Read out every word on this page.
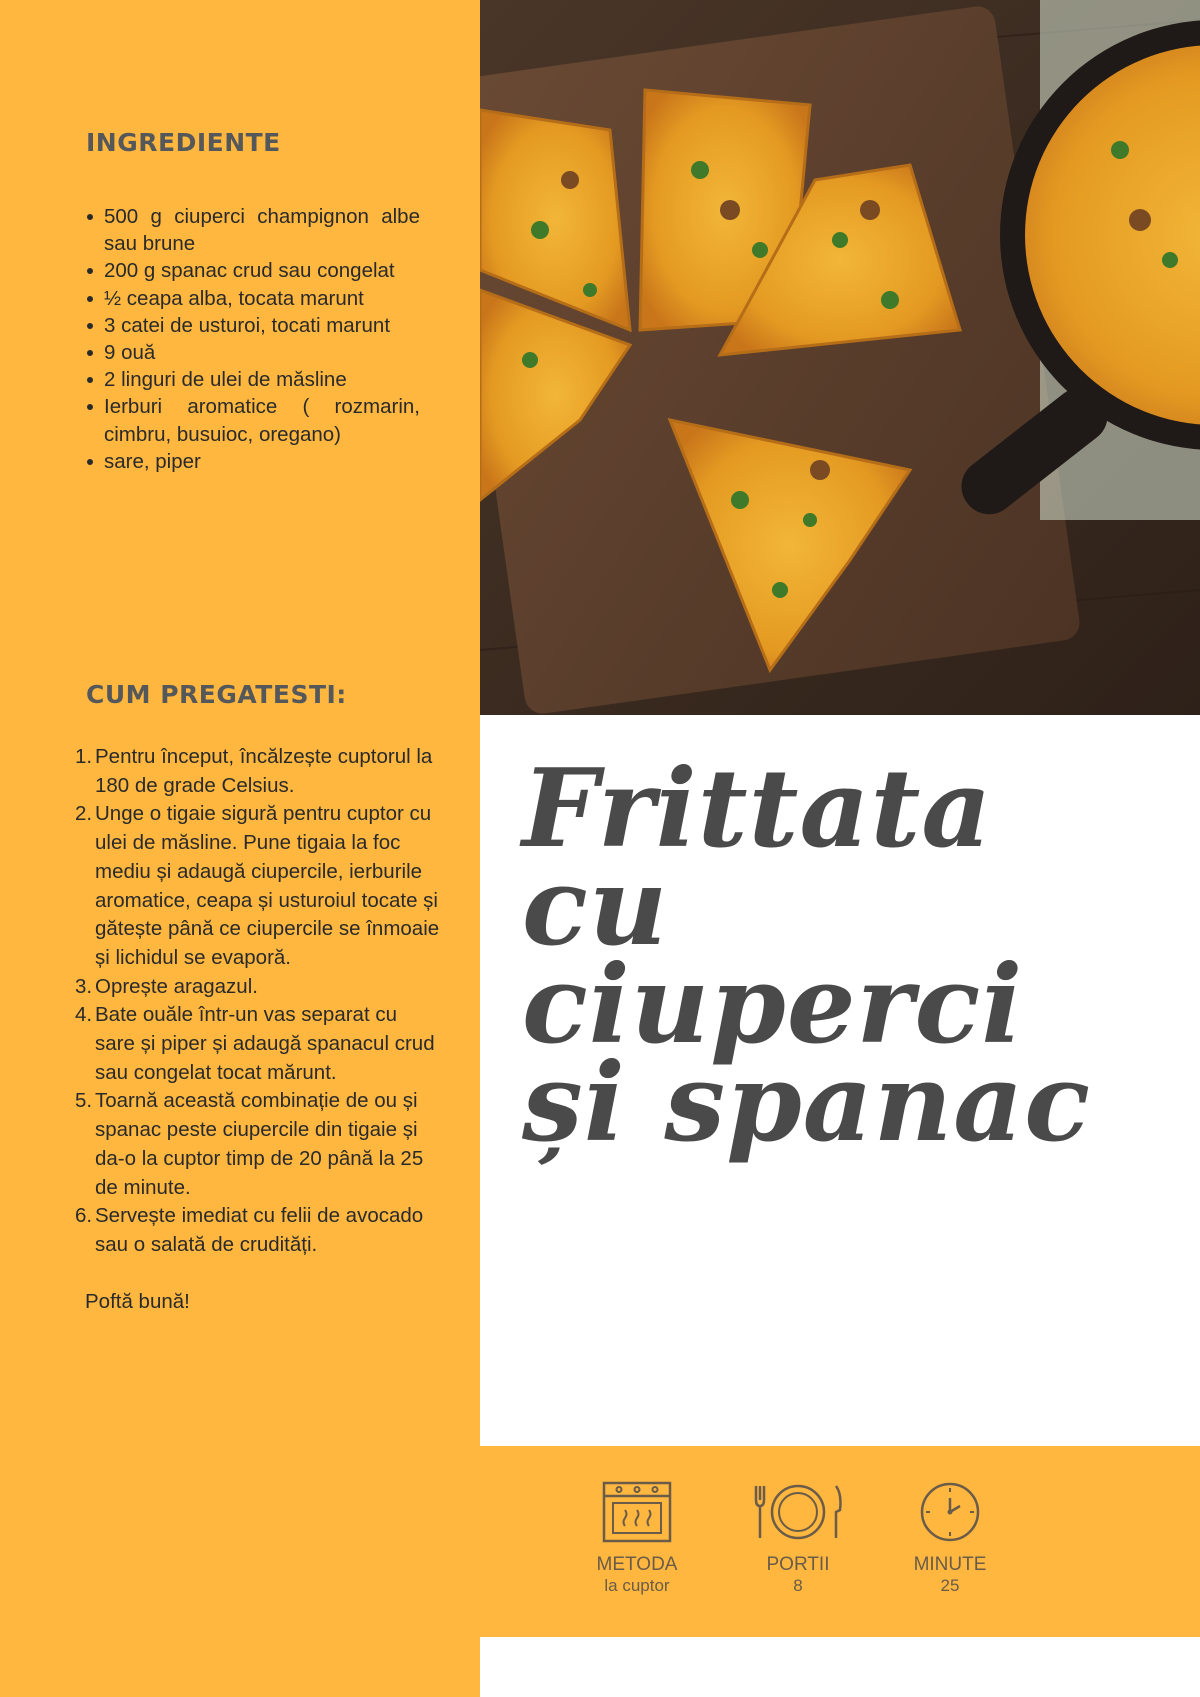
INGREDIENTE
500 g ciuperci champignon albe sau brune
200 g spanac crud sau congelat
½ ceapa alba, tocata marunt
3 catei de usturoi, tocati marunt
9 ouă
2 linguri de ulei de măsline
Ierburi aromatice ( rozmarin, cimbru, busuioc, oregano)
sare, piper
CUM PREGATESTI:
1. Pentru început, încălzește cuptorul la 180 de grade Celsius.
2. Unge o tigaie sigură pentru cuptor cu ulei de măsline. Pune tigaia la foc mediu și adaugă ciupercile, ierburile aromatice, ceapa și usturoiul tocate și gătește până ce ciupercile se înmoaie și lichidul se evaporă.
3. Oprește aragazul.
4. Bate ouăle într-un vas separat cu sare și piper și adaugă spanacul crud sau congelat tocat mărunt.
5. Toarnă această combinație de ou și spanac peste ciupercile din tigaie și da-o la cuptor timp de 20 până la 25 de minute.
6. Servește imediat cu felii de avocado sau o salată de crudități.

Poftă bună!

Frittata
cu
ciuperci
și spanac
METODA
la cuptor
PORTII
8
MINUTE
25
